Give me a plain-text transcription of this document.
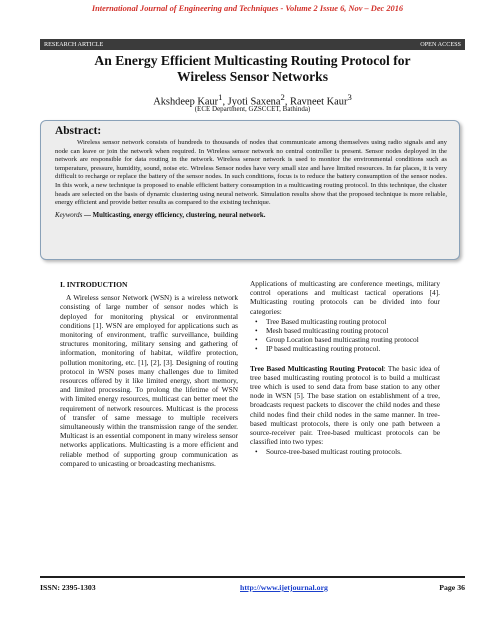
International Journal of Engineering and Techniques - Volume 2 Issue 6, Nov – Dec 2016
RESEARCH ARTICLE	OPEN ACCESS
An Energy Efficient Multicasting Routing Protocol for
Wireless Sensor Networks
Akshdeep Kaur$^1$, Jyoti Saxena$^2$, Ravneet Kaur$^3$
(ECE Department, GZSCCET, Bathinda)
Abstract:
Wireless sensor network consists of hundreds to thousands of nodes that communicate among themselves using radio signals and any node can leave or join the network when required. In Wireless sensor network no central controller is present. Sensor nodes deployed in the network are responsible for data routing in the network. Wireless sensor network is used to monitor the environmental conditions such as temperature, pressure, humidity, sound, noise etc. Wireless Sensor nodes have very small size and have limited resources. In far places, it is very difficult to recharge or replace the battery of the sensor nodes. In such conditions, focus is to reduce the battery consumption of the sensor nodes. In this work, a new technique is proposed to enable efficient battery consumption in a multicasting routing protocol. In this technique, the cluster heads are selected on the basis of dynamic clustering using neural network. Simulation results show that the proposed technique is more reliable, energy efficient and provide better results as compared to the existing technique.
Keywords — Multicasting, energy efficiency, clustering, neural network.
I. INTRODUCTION
A Wireless sensor Network (WSN) is a wireless network consisting of large number of sensor nodes which is deployed for monitoring physical or environmental conditions [1]. WSN are employed for applications such as monitoring of environment, traffic surveillance, building structures monitoring, military sensing and gathering of information, monitoring of habitat, wildfire protection, pollution monitoring, etc. [1], [2], [3]. Designing of routing protocol in WSN poses many challenges due to limited resources offered by it like limited energy, short memory, and limited processing. To prolong the lifetime of WSN with limited energy resources, multicast can better meet the requirement of network resources. Multicast is the process of transfer of same message to multiple receivers simultaneously within the transmission range of the sender. Multicast is an essential component in many wireless sensor networks applications. Multicasting is a more efficient and reliable method of supporting group communication as compared to unicasting or broadcasting mechanisms.
Applications of multicasting are conference meetings, military control operations and multicast tactical operations [4]. Multicasting routing protocols can be divided into four categories:
• Tree Based multicasting routing protocol
• Mesh based multicasting routing protocol
• Group Location based multicasting routing protocol
• IP based multicasting routing protocol.
Tree Based Multicasting Routing Protocol: The basic idea of tree based multicasting routing protocol is to build a multicast tree which is used to send data from base station to any other node in WSN [5]. The base station on establishment of a tree, broadcasts request packets to discover the child nodes and these child nodes find their child nodes in the same manner. In tree-based multicast protocols, there is only one path between a source-receiver pair. Tree-based multicast protocols can be classified into two types:
• Source-tree-based multicast routing protocols.
ISSN: 2395-1303	http://www.ijetjournal.org	Page 36
